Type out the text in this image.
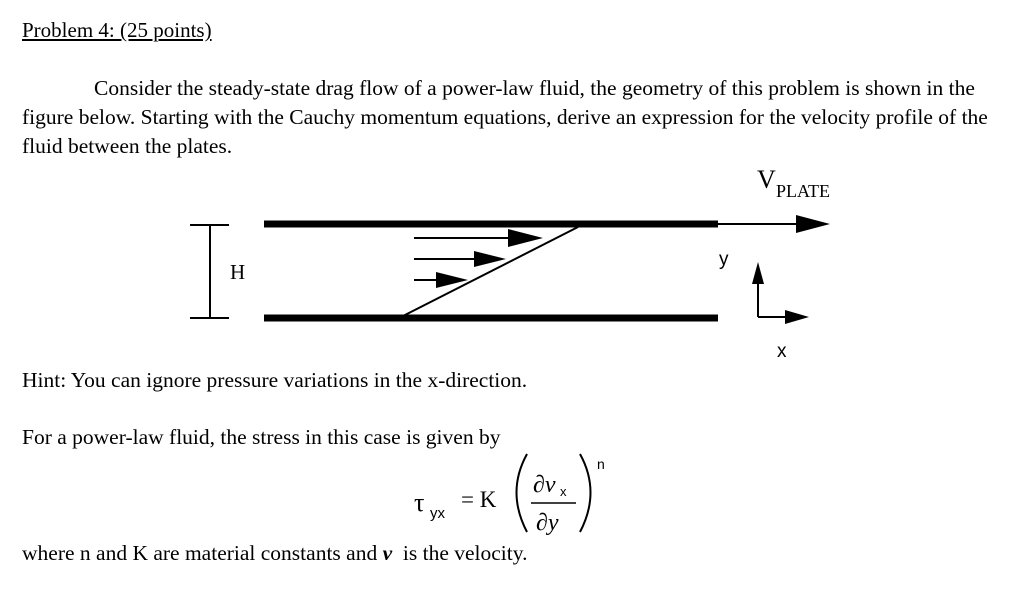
Problem 4: (25 points)
Consider the steady-state drag flow of a power-law fluid, the geometry of this problem is shown in the figure below. Starting with the Cauchy momentum equations, derive an expression for the velocity profile of the fluid between the plates.
V PLATE
H
y
x
τ yx
= K
∂v x
∂y
n
Hint: You can ignore pressure variations in the x-direction.
For a power-law fluid, the stress in this case is given by
where n and K are material constants and v  is the velocity.
